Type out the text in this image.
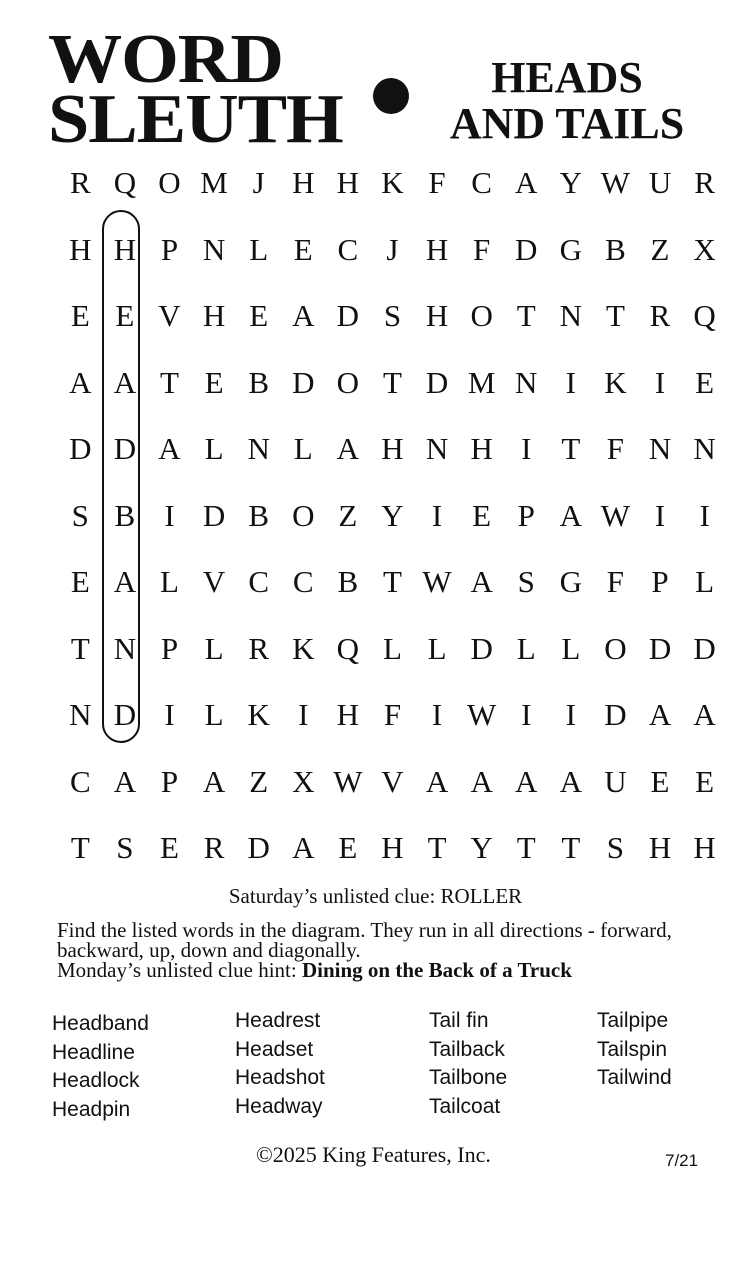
WORD
SLEUTH
HEADS
AND TAILS
R Q O M J H H K F C A Y W U R
H H P N L E C J H F D G B Z X
E E V H E A D S H O T N T R Q
A A T E B D O T D M N I K I E
D D A L N L A H N H I T F N N
S B I D B O Z Y I E P A W I	I
E A L V C C B T W A S G F P L
T N P L R K Q L L D L L O D D
N D I L K I H F I W I	I D A A
C A P A Z X W V A A A A U E E
T S E R D A E H T Y T T S H H
Saturday’s unlisted clue: ROLLER
Find the listed words in the diagram. They run in all directions - forward, backward, up, down and diagonally.
Monday’s unlisted clue hint: Dining on the Back of a Truck
Headband
Headline
Headlock
Headpin
Headrest
Headset
Headshot
Headway
Tail fin
Tailback
Tailbone
Tailcoat
Tailpipe
Tailspin
Tailwind
©2025 King Features, Inc.	7/21
